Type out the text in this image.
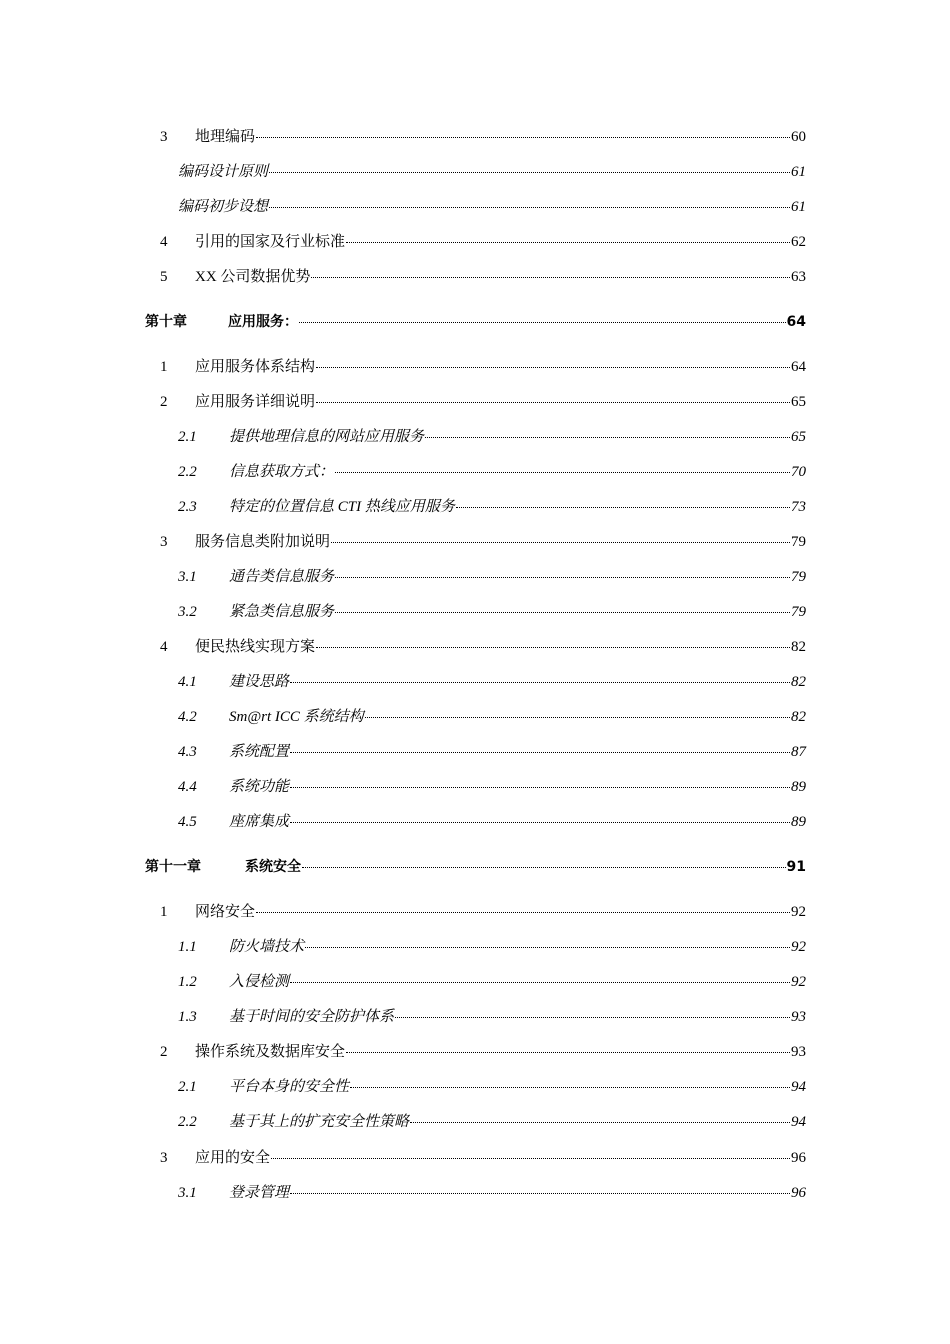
3	地理编码	60
编码设计原则	61
编码初步设想	61
4	引用的国家及行业标准	62
5	XX 公司数据优势	63
第十章	应用服务：	64
1	应用服务体系结构	64
2	应用服务详细说明	65
2.1	提供地理信息的网站应用服务	65
2.2	信息获取方式：	70
2.3	特定的位置信息 CTI 热线应用服务	73
3	服务信息类附加说明	79
3.1	通告类信息服务	79
3.2	紧急类信息服务	79
4	便民热线实现方案	82
4.1	建设思路	82
4.2	Sm@rt ICC 系统结构	82
4.3	系统配置	87
4.4	系统功能	89
4.5	座席集成	89
第十一章	系统安全	91
1	网络安全	92
1.1	防火墙技术	92
1.2	入侵检测	92
1.3	基于时间的安全防护体系	93
2	操作系统及数据库安全	93
2.1	平台本身的安全性	94
2.2	基于其上的扩充安全性策略	94
3	应用的安全	96
3.1	登录管理	96
